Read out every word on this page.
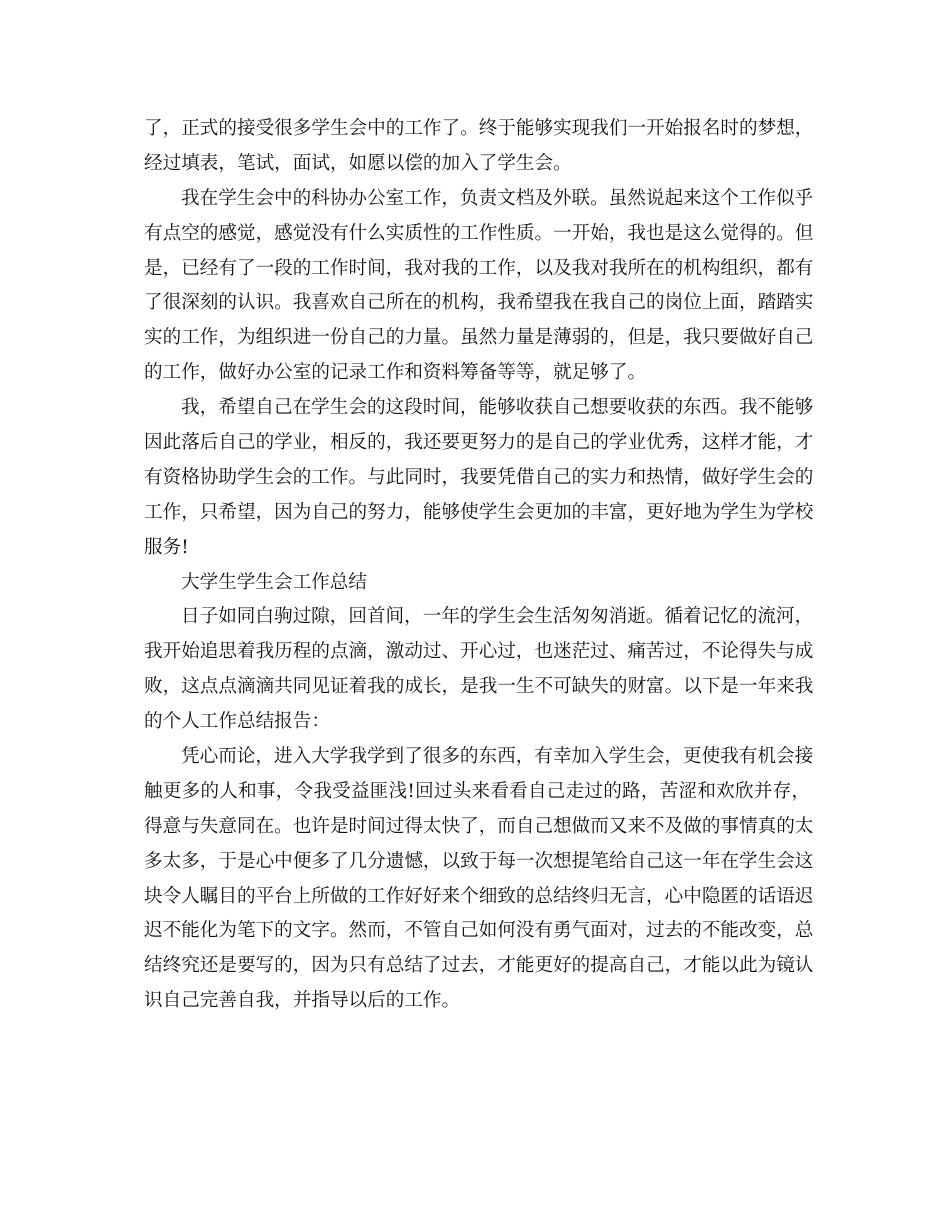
了，正式的接受很多学生会中的工作了。终于能够实现我们一开始报名时的梦想，
经过填表，笔试，面试，如愿以偿的加入了学生会。
我在学生会中的科协办公室工作，负责文档及外联。虽然说起来这个工作似乎
有点空的感觉，感觉没有什么实质性的工作性质。一开始，我也是这么觉得的。但
是，已经有了一段的工作时间，我对我的工作，以及我对我所在的机构组织，都有
了很深刻的认识。我喜欢自己所在的机构，我希望我在我自己的岗位上面，踏踏实
实的工作，为组织进一份自己的力量。虽然力量是薄弱的，但是，我只要做好自己
的工作，做好办公室的记录工作和资料筹备等等，就足够了。
我，希望自己在学生会的这段时间，能够收获自己想要收获的东西。我不能够
因此落后自己的学业，相反的，我还要更努力的是自己的学业优秀，这样才能，才
有资格协助学生会的工作。与此同时，我要凭借自己的实力和热情，做好学生会的
工作，只希望，因为自己的努力，能够使学生会更加的丰富，更好地为学生为学校
服务!
大学生学生会工作总结
日子如同白驹过隙，回首间，一年的学生会生活匆匆消逝。循着记忆的流河，
我开始追思着我历程的点滴，激动过、开心过，也迷茫过、痛苦过，不论得失与成
败，这点点滴滴共同见证着我的成长，是我一生不可缺失的财富。以下是一年来我
的个人工作总结报告：
凭心而论，进入大学我学到了很多的东西，有幸加入学生会，更使我有机会接
触更多的人和事，令我受益匪浅!回过头来看看自己走过的路，苦涩和欢欣并存，
得意与失意同在。也许是时间过得太快了，而自己想做而又来不及做的事情真的太
多太多，于是心中便多了几分遗憾，以致于每一次想提笔给自己这一年在学生会这
块令人瞩目的平台上所做的工作好好来个细致的总结终归无言，心中隐匿的话语迟
迟不能化为笔下的文字。然而，不管自己如何没有勇气面对，过去的不能改变，总
结终究还是要写的，因为只有总结了过去，才能更好的提高自己，才能以此为镜认
识自己完善自我，并指导以后的工作。
